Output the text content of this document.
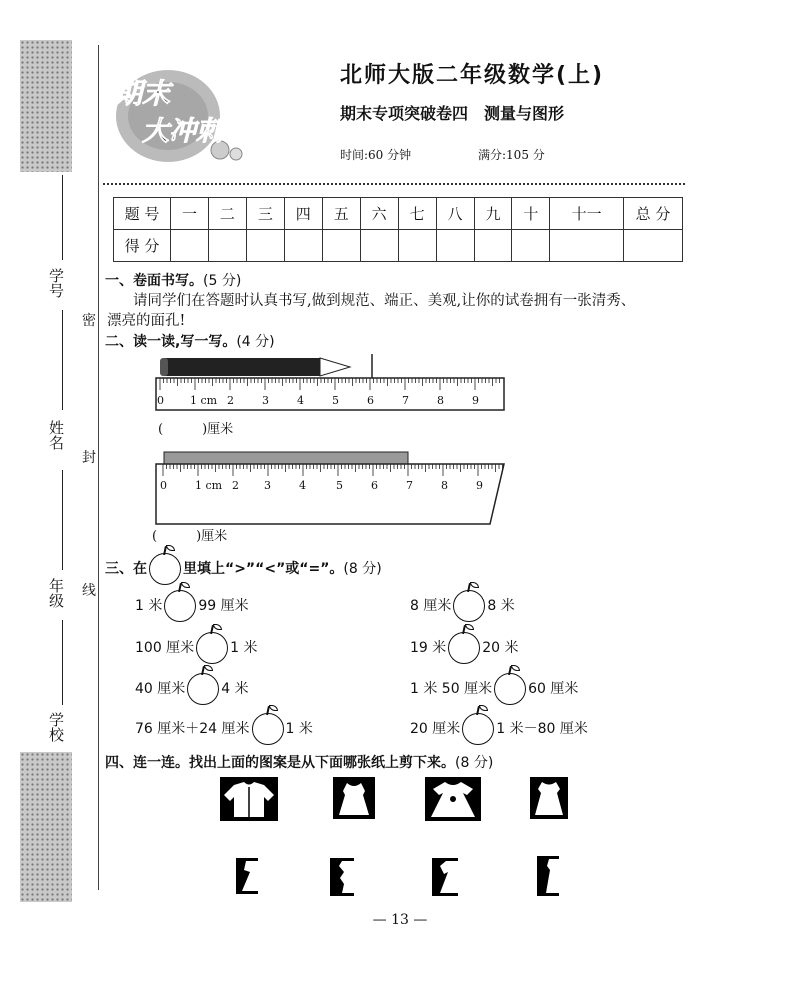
学号
姓名
年级
学校
密
封
线
期末
大冲刺
北师大版二年级数学(上)
期末专项突破卷四　测量与图形
时间:60 分钟	满分:105 分
题 号	一	二	三	四	五	六	七	八	九	十	十一	总 分
得 分												
一、卷面书写。(5 分)
请同学们在答题时认真书写,做到规范、端正、美观,让你的试卷拥有一张清秀、
漂亮的面孔!
二、读一读,写一写。(4 分)
0 1 cm 2	3	4	5	6	7	8	9
(　　　)厘米
0	1 cm 2 3	4	5	6	7	8	9
(　　　)厘米
三、在	里填上“>”“<”或“=”。(8 分)
1 米	99 厘米	8 厘米	8 米
100 厘米	1 米	19 米	20 米
40 厘米	4 米	1 米 50 厘米	60 厘米
76 厘米＋24 厘米	1 米	20 厘米	1 米－80 厘米
四、连一连。找出上面的图案是从下面哪张纸上剪下来。(8 分)
— 13 —
